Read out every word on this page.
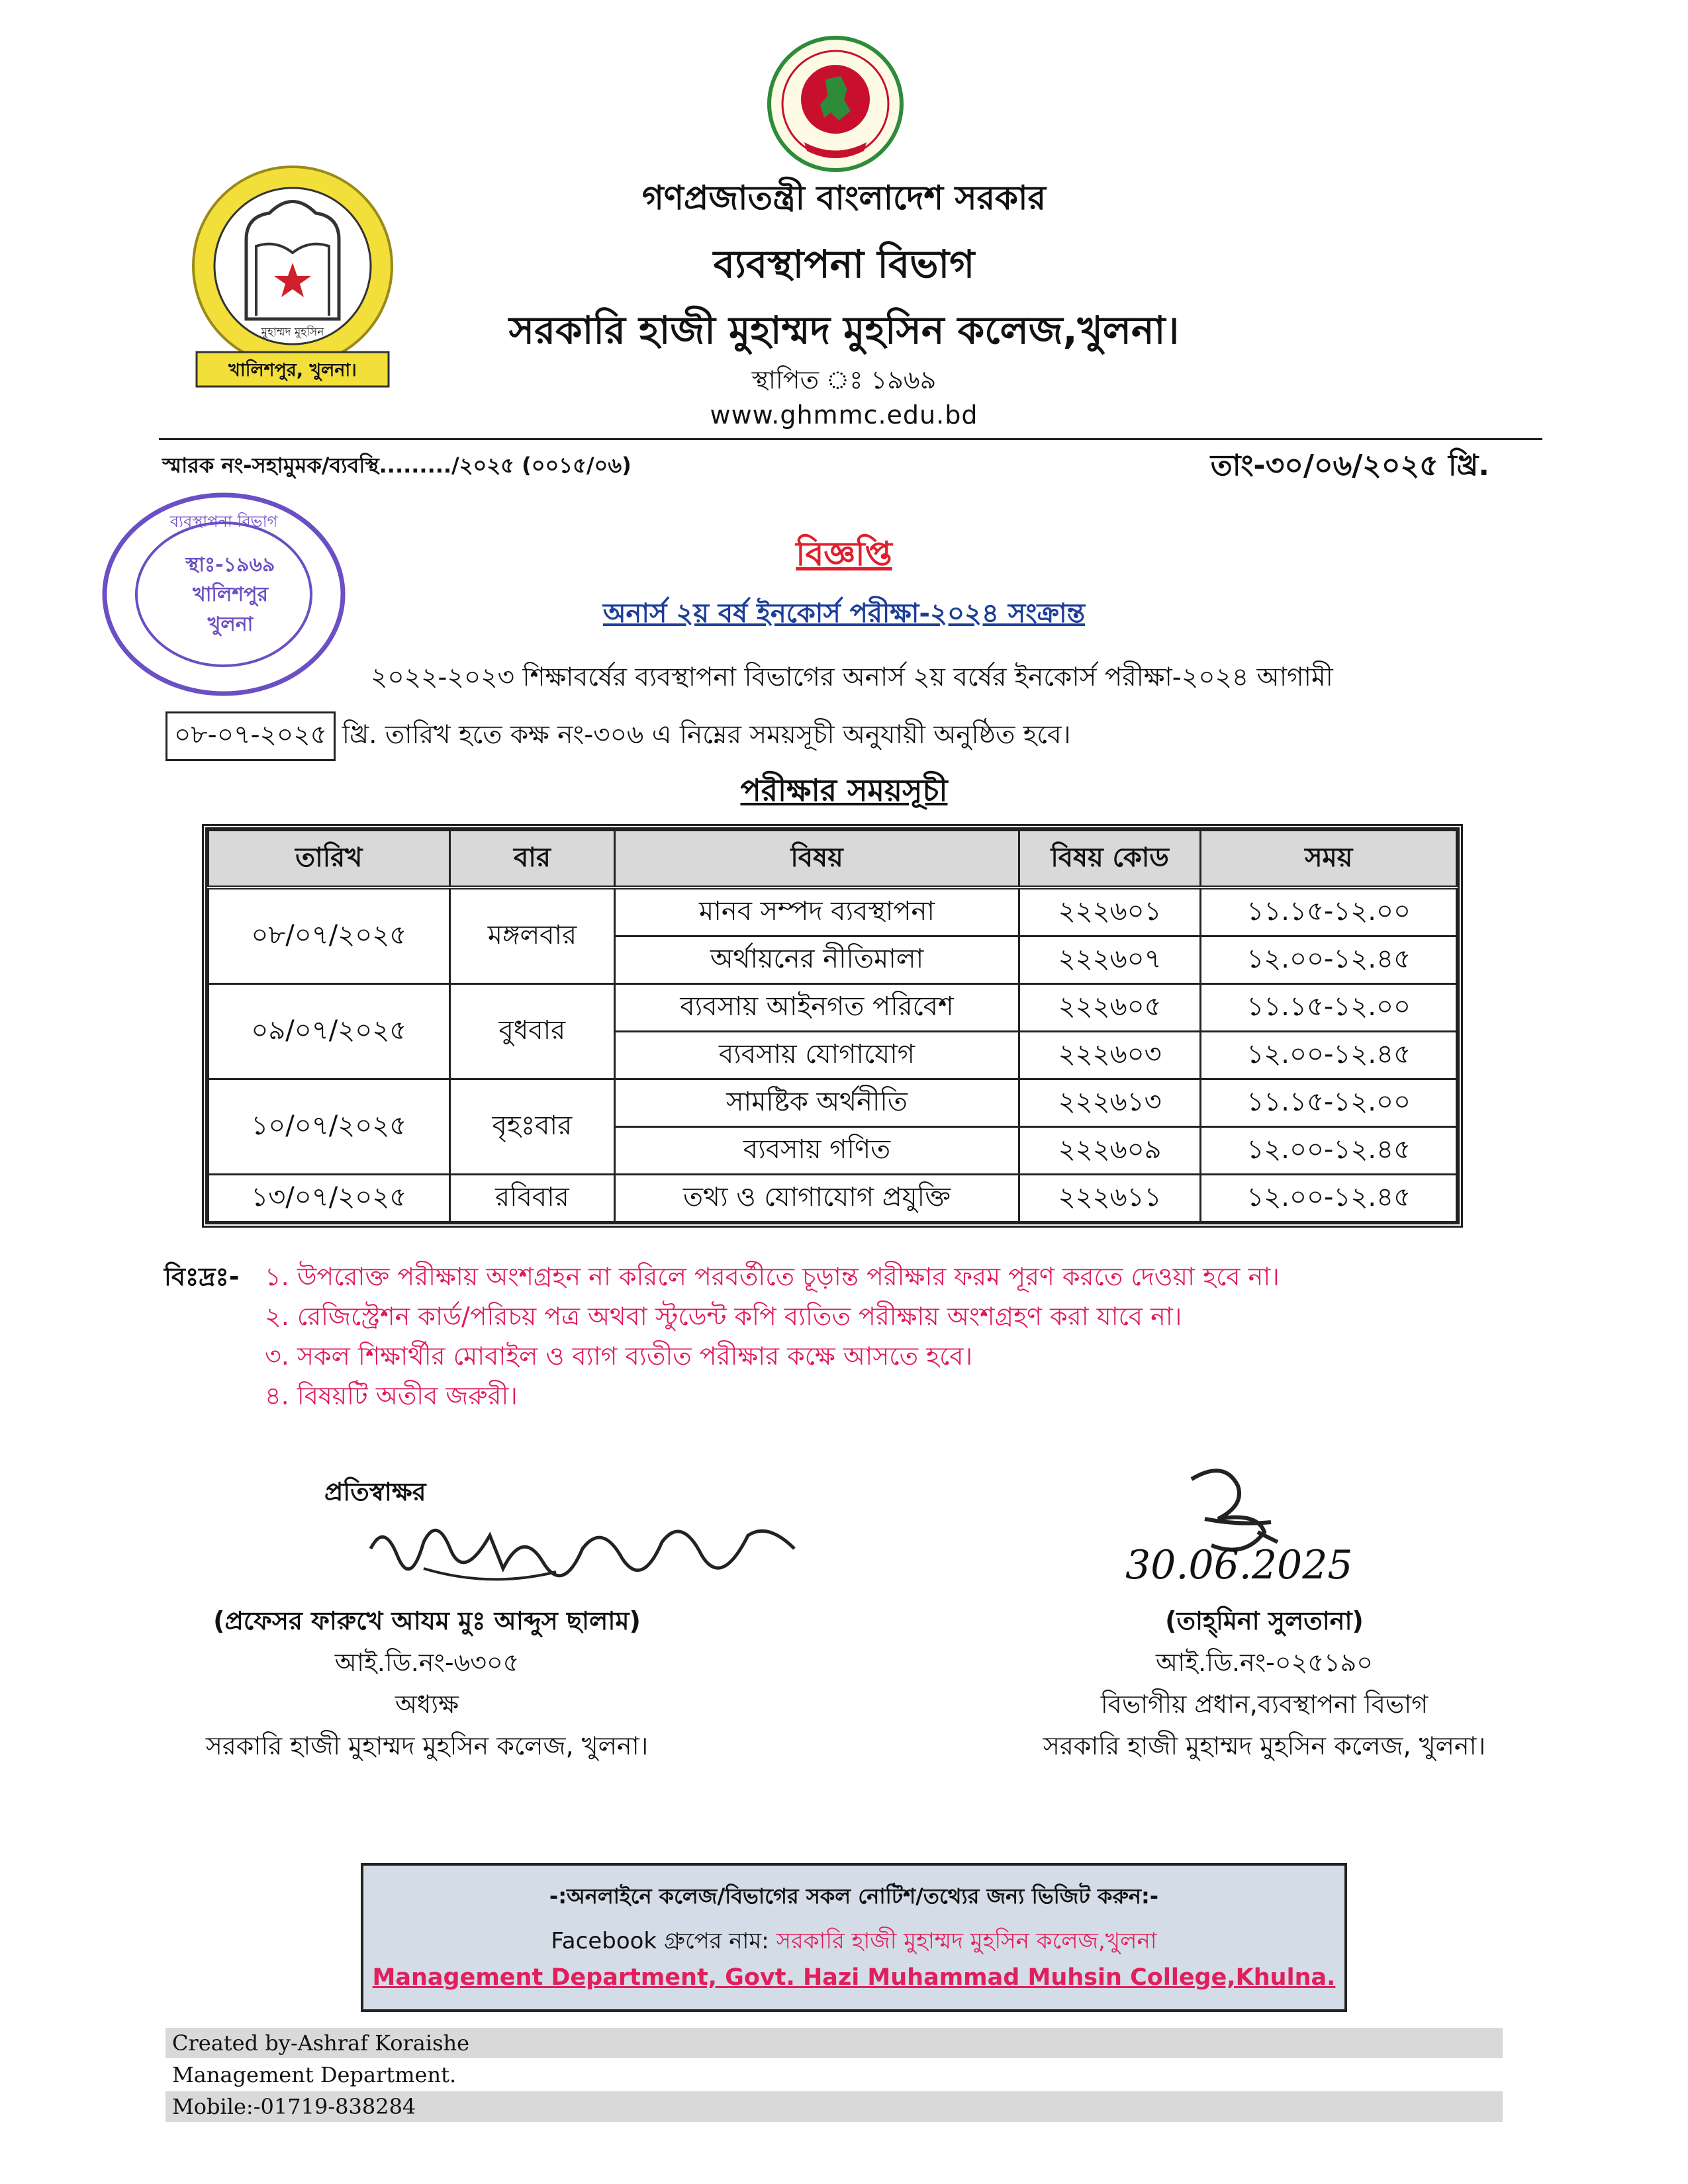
মুহাম্মদ মুহসিন
খালিশপুর, খুলনা।
গণপ্রজাতন্ত্রী বাংলাদেশ সরকার
ব্যবস্থাপনা বিভাগ
সরকারি হাজী মুহাম্মদ মুহসিন কলেজ,খুলনা।
স্থাপিত ঃ ১৯৬৯
www.ghmmc.edu.bd
স্মারক নং-সহামুমক/ব্যবস্থি........./২০২৫ (০০১৫/০৬)	তাং-৩০/০৬/২০২৫ খ্রি.
ব্যবস্থাপনা বিভাগ
স্থাঃ-১৯৬৯
খালিশপুর
খুলনা
বিজ্ঞপ্তি
অনার্স ২য় বর্ষ ইনকোর্স পরীক্ষা-২০২৪ সংক্রান্ত
২০২২-২০২৩ শিক্ষাবর্ষের ব্যবস্থাপনা বিভাগের অনার্স ২য় বর্ষের ইনকোর্স পরীক্ষা-২০২৪ আগামী
০৮-০৭-২০২৫ খ্রি. তারিখ হতে কক্ষ নং-৩০৬ এ নিম্নের সময়সূচী অনুযায়ী অনুষ্ঠিত হবে।
পরীক্ষার সময়সূচী
তারিখ	বার	বিষয়	বিষয় কোড	সময়
০৮/০৭/২০২৫	মঙ্গলবার	মানব সম্পদ ব্যবস্থাপনা	২২২৬০১	১১.১৫-১২.০০
		অর্থায়নের নীতিমালা	২২২৬০৭	১২.০০-১২.৪৫
০৯/০৭/২০২৫	বুধবার	ব্যবসায় আইনগত পরিবেশ	২২২৬০৫	১১.১৫-১২.০০
		ব্যবসায় যোগাযোগ	২২২৬০৩	১২.০০-১২.৪৫
১০/০৭/২০২৫	বৃহঃবার	সামষ্টিক অর্থনীতি	২২২৬১৩	১১.১৫-১২.০০
		ব্যবসায় গণিত	২২২৬০৯	১২.০০-১২.৪৫
১৩/০৭/২০২৫	রবিবার	তথ্য ও যোগাযোগ প্রযুক্তি	২২২৬১১	১২.০০-১২.৪৫
বিঃদ্রঃ- ১. উপরোক্ত পরীক্ষায় অংশগ্রহন না করিলে পরবর্তীতে চূড়ান্ত পরীক্ষার ফরম পূরণ করতে দেওয়া হবে না।
২. রেজিস্ট্রেশন কার্ড/পরিচয় পত্র অথবা স্টুডেন্ট কপি ব্যতিত পরীক্ষায় অংশগ্রহণ করা যাবে না।
৩. সকল শিক্ষার্থীর মোবাইল ও ব্যাগ ব্যতীত পরীক্ষার কক্ষে আসতে হবে।
৪. বিষয়টি অতীব জরুরী।
প্রতিস্বাক্ষর
30.06.2025
(প্রফেসর ফারুখে আযম মুঃ আব্দুস ছালাম)
আই.ডি.নং-৬৩০৫
অধ্যক্ষ
সরকারি হাজী মুহাম্মদ মুহসিন কলেজ, খুলনা।
(তাহ্‌মিনা সুলতানা)
আই.ডি.নং-০২৫১৯০
বিভাগীয় প্রধান,ব্যবস্থাপনা বিভাগ
সরকারি হাজী মুহাম্মদ মুহসিন কলেজ, খুলনা।
-:অনলাইনে কলেজ/বিভাগের সকল নোটিশ/তথ্যের জন্য ভিজিট করুন:-
Facebook গ্রুপের নাম: সরকারি হাজী মুহাম্মদ মুহসিন কলেজ,খুলনা
Management Department, Govt. Hazi Muhammad Muhsin College,Khulna.
Created by-Ashraf Koraishe
Management Department.
Mobile:-01719-838284
